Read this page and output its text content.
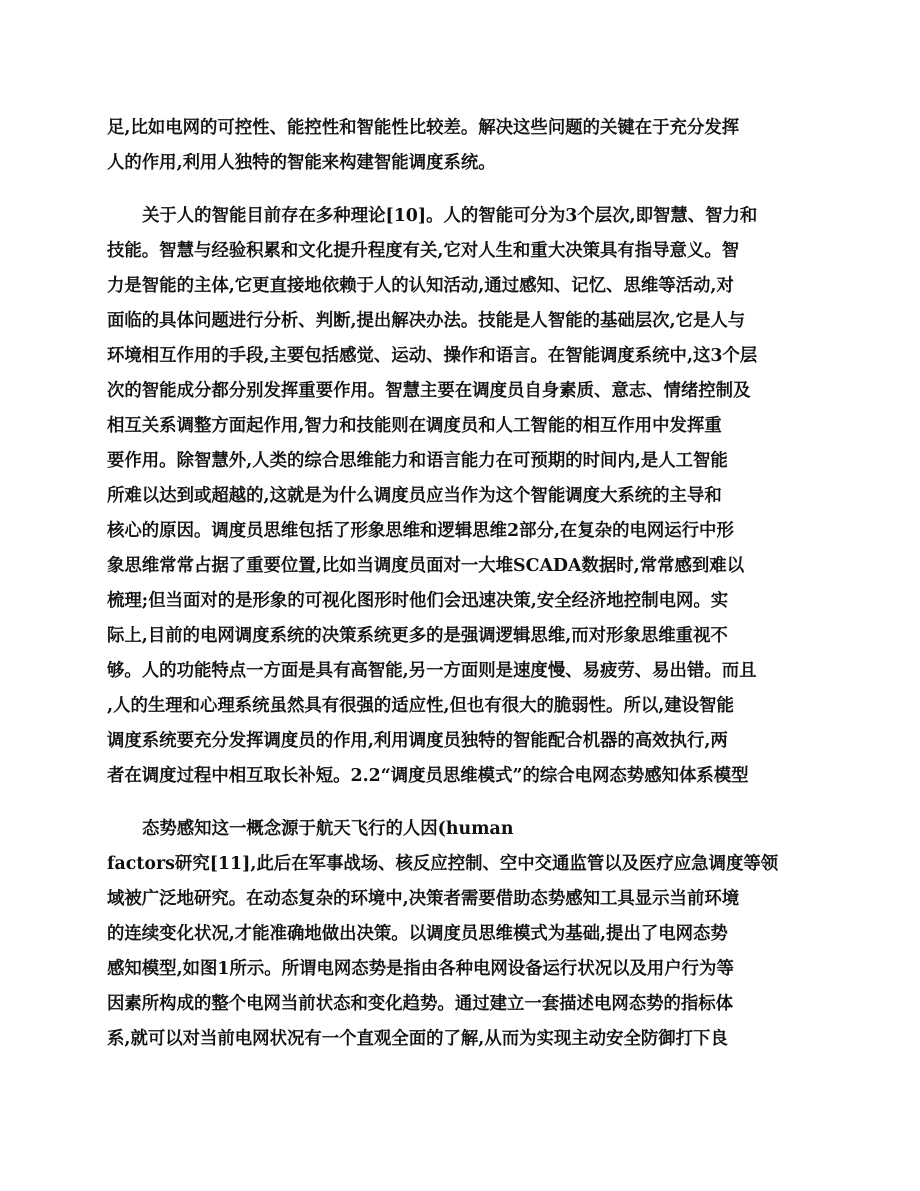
足,比如电网的可控性、能控性和智能性比较差。解决这些问题的关键在于充分发挥
人的作用,利用人独特的智能来构建智能调度系统。
关于人的智能目前存在多种理论[10]。人的智能可分为3个层次,即智慧、智力和
技能。智慧与经验积累和文化提升程度有关,它对人生和重大决策具有指导意义。智
力是智能的主体,它更直接地依赖于人的认知活动,通过感知、记忆、思维等活动,对
面临的具体问题进行分析、判断,提出解决办法。技能是人智能的基础层次,它是人与
环境相互作用的手段,主要包括感觉、运动、操作和语言。在智能调度系统中,这3个层
次的智能成分都分别发挥重要作用。智慧主要在调度员自身素质、意志、情绪控制及
相互关系调整方面起作用,智力和技能则在调度员和人工智能的相互作用中发挥重
要作用。除智慧外,人类的综合思维能力和语言能力在可预期的时间内,是人工智能
所难以达到或超越的,这就是为什么调度员应当作为这个智能调度大系统的主导和
核心的原因。调度员思维包括了形象思维和逻辑思维2部分,在复杂的电网运行中形
象思维常常占据了重要位置,比如当调度员面对一大堆SCADA数据时,常常感到难以
梳理;但当面对的是形象的可视化图形时他们会迅速决策,安全经济地控制电网。实
际上,目前的电网调度系统的决策系统更多的是强调逻辑思维,而对形象思维重视不
够。人的功能特点一方面是具有高智能,另一方面则是速度慢、易疲劳、易出错。而且
,人的生理和心理系统虽然具有很强的适应性,但也有很大的脆弱性。所以,建设智能
调度系统要充分发挥调度员的作用,利用调度员独特的智能配合机器的高效执行,两
者在调度过程中相互取长补短。2.2“调度员思维模式”的综合电网态势感知体系模型
态势感知这一概念源于航天飞行的人因(human
factors研究[11],此后在军事战场、核反应控制、空中交通监管以及医疗应急调度等领
域被广泛地研究。在动态复杂的环境中,决策者需要借助态势感知工具显示当前环境
的连续变化状况,才能准确地做出决策。以调度员思维模式为基础,提出了电网态势
感知模型,如图1所示。所谓电网态势是指由各种电网设备运行状况以及用户行为等
因素所构成的整个电网当前状态和变化趋势。通过建立一套描述电网态势的指标体
系,就可以对当前电网状况有一个直观全面的了解,从而为实现主动安全防御打下良
